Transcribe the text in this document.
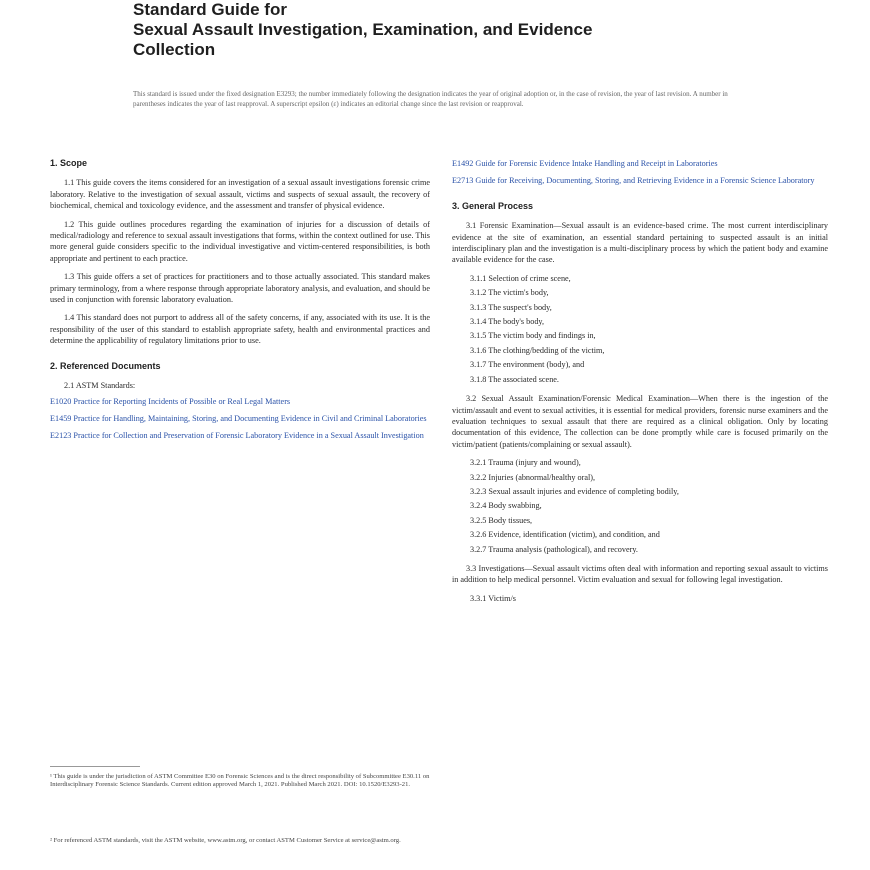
Standard Guide for
Sexual Assault Investigation, Examination, and Evidence
Collection
This standard is issued under the fixed designation E3293; the number immediately following the designation indicates the year of original adoption or, in the case of revision, the year of last revision. A number in parentheses indicates the year of last reapproval. A superscript epsilon (ε) indicates an editorial change since the last revision or reapproval.
1. Scope

1.1 This guide covers the items considered for an investigation of a sexual assault investigations forensic crime laboratory. Relative to the investigation of sexual assault, victims and suspects of sexual assault, the recovery of biochemical, chemical and toxicology evidence, and the assessment and transfer of physical evidence.

1.2 This guide outlines procedures regarding the examination of injuries for a discussion of details of medical/radiology and reference to sexual assault investigations that forms, within the context outlined for use. This more general guide considers specific to the individual investigative and victim-centered responsibilities, is both appropriate and pertinent to each practice.

1.3 This guide offers a set of practices for practitioners and to those actually associated. This standard makes primary terminology, from a where response through appropriate laboratory analysis, and evaluation, and should be used in conjunction with forensic laboratory evaluation.

1.4 This standard does not purport to address all of the safety concerns, if any, associated with its use. It is the responsibility of the user of this standard to establish appropriate safety, health and environmental practices and determine the applicability of regulatory limitations prior to use.

2. Referenced Documents
2.1 ASTM Standards:
E1020 Practice for Reporting Incidents of Possible or Real Legal Matters
E1459 Practice for Handling, Maintaining, Storing, and Documenting Evidence in Civil and Criminal Laboratories
E2123 Practice for Collection and Preservation of Forensic Laboratory Evidence in a Sexual Assault Investigation
¹ This guide is under the jurisdiction of ASTM Committee E30 on Forensic Sciences and is the direct responsibility of Subcommittee E30.11 on Interdisciplinary Forensic Science Standards. Current edition approved March 1, 2021. Published March 2021. DOI: 10.1520/E3293-21.
² For referenced ASTM standards, visit the ASTM website, www.astm.org, or contact ASTM Customer Service at service@astm.org.
E1492 Guide for Forensic Evidence Intake Handling and Receipt in Laboratories
E2713 Guide for Receiving, Documenting, Storing, and Retrieving Evidence in a Forensic Science Laboratory
3. General Process

3.1 Forensic Examination—Sexual assault is an evidence-based crime. The most current interdisciplinary evidence at the site of examination, an essential standard pertaining to suspected assault is an initial interdisciplinary plan and the investigation is a multi-disciplinary process by which the patient body and examine available evidence for the case.

3.1.1 Selection of crime scene,
3.1.2 The victim's body,
3.1.3 The suspect's body,
3.1.4 The body's body,
3.1.5 The victim body and findings in,
3.1.6 The clothing/bedding of the victim,
3.1.7 The environment (body), and
3.1.8 The associated scene.

3.2 Sexual Assault Examination/Forensic Medical Examination—When there is the ingestion of the victim/assault and event to sexual activities, it is essential for medical providers, forensic nurse examiners and the evaluation techniques to sexual assault that there are required as a clinical obligation. Only by locating documentation of this evidence, The collection can be done promptly while care is focused primarily on the victim/patient (patients/complaining or sexual assault).

3.2.1 Trauma (injury and wound),
3.2.2 Injuries (abnormal/healthy oral),
3.2.3 Sexual assault injuries and evidence of completing bodily,
3.2.4 Body swabbing,
3.2.5 Body tissues,
3.2.6 Evidence, identification (victim), and condition, and
3.2.7 Trauma analysis (pathological), and recovery.

3.3 Investigations—Sexual assault victims often deal with information and reporting sexual assault to victims in addition to help medical personnel. Victim evaluation and sexual for following legal investigation.

3.3.1 Victim/s
